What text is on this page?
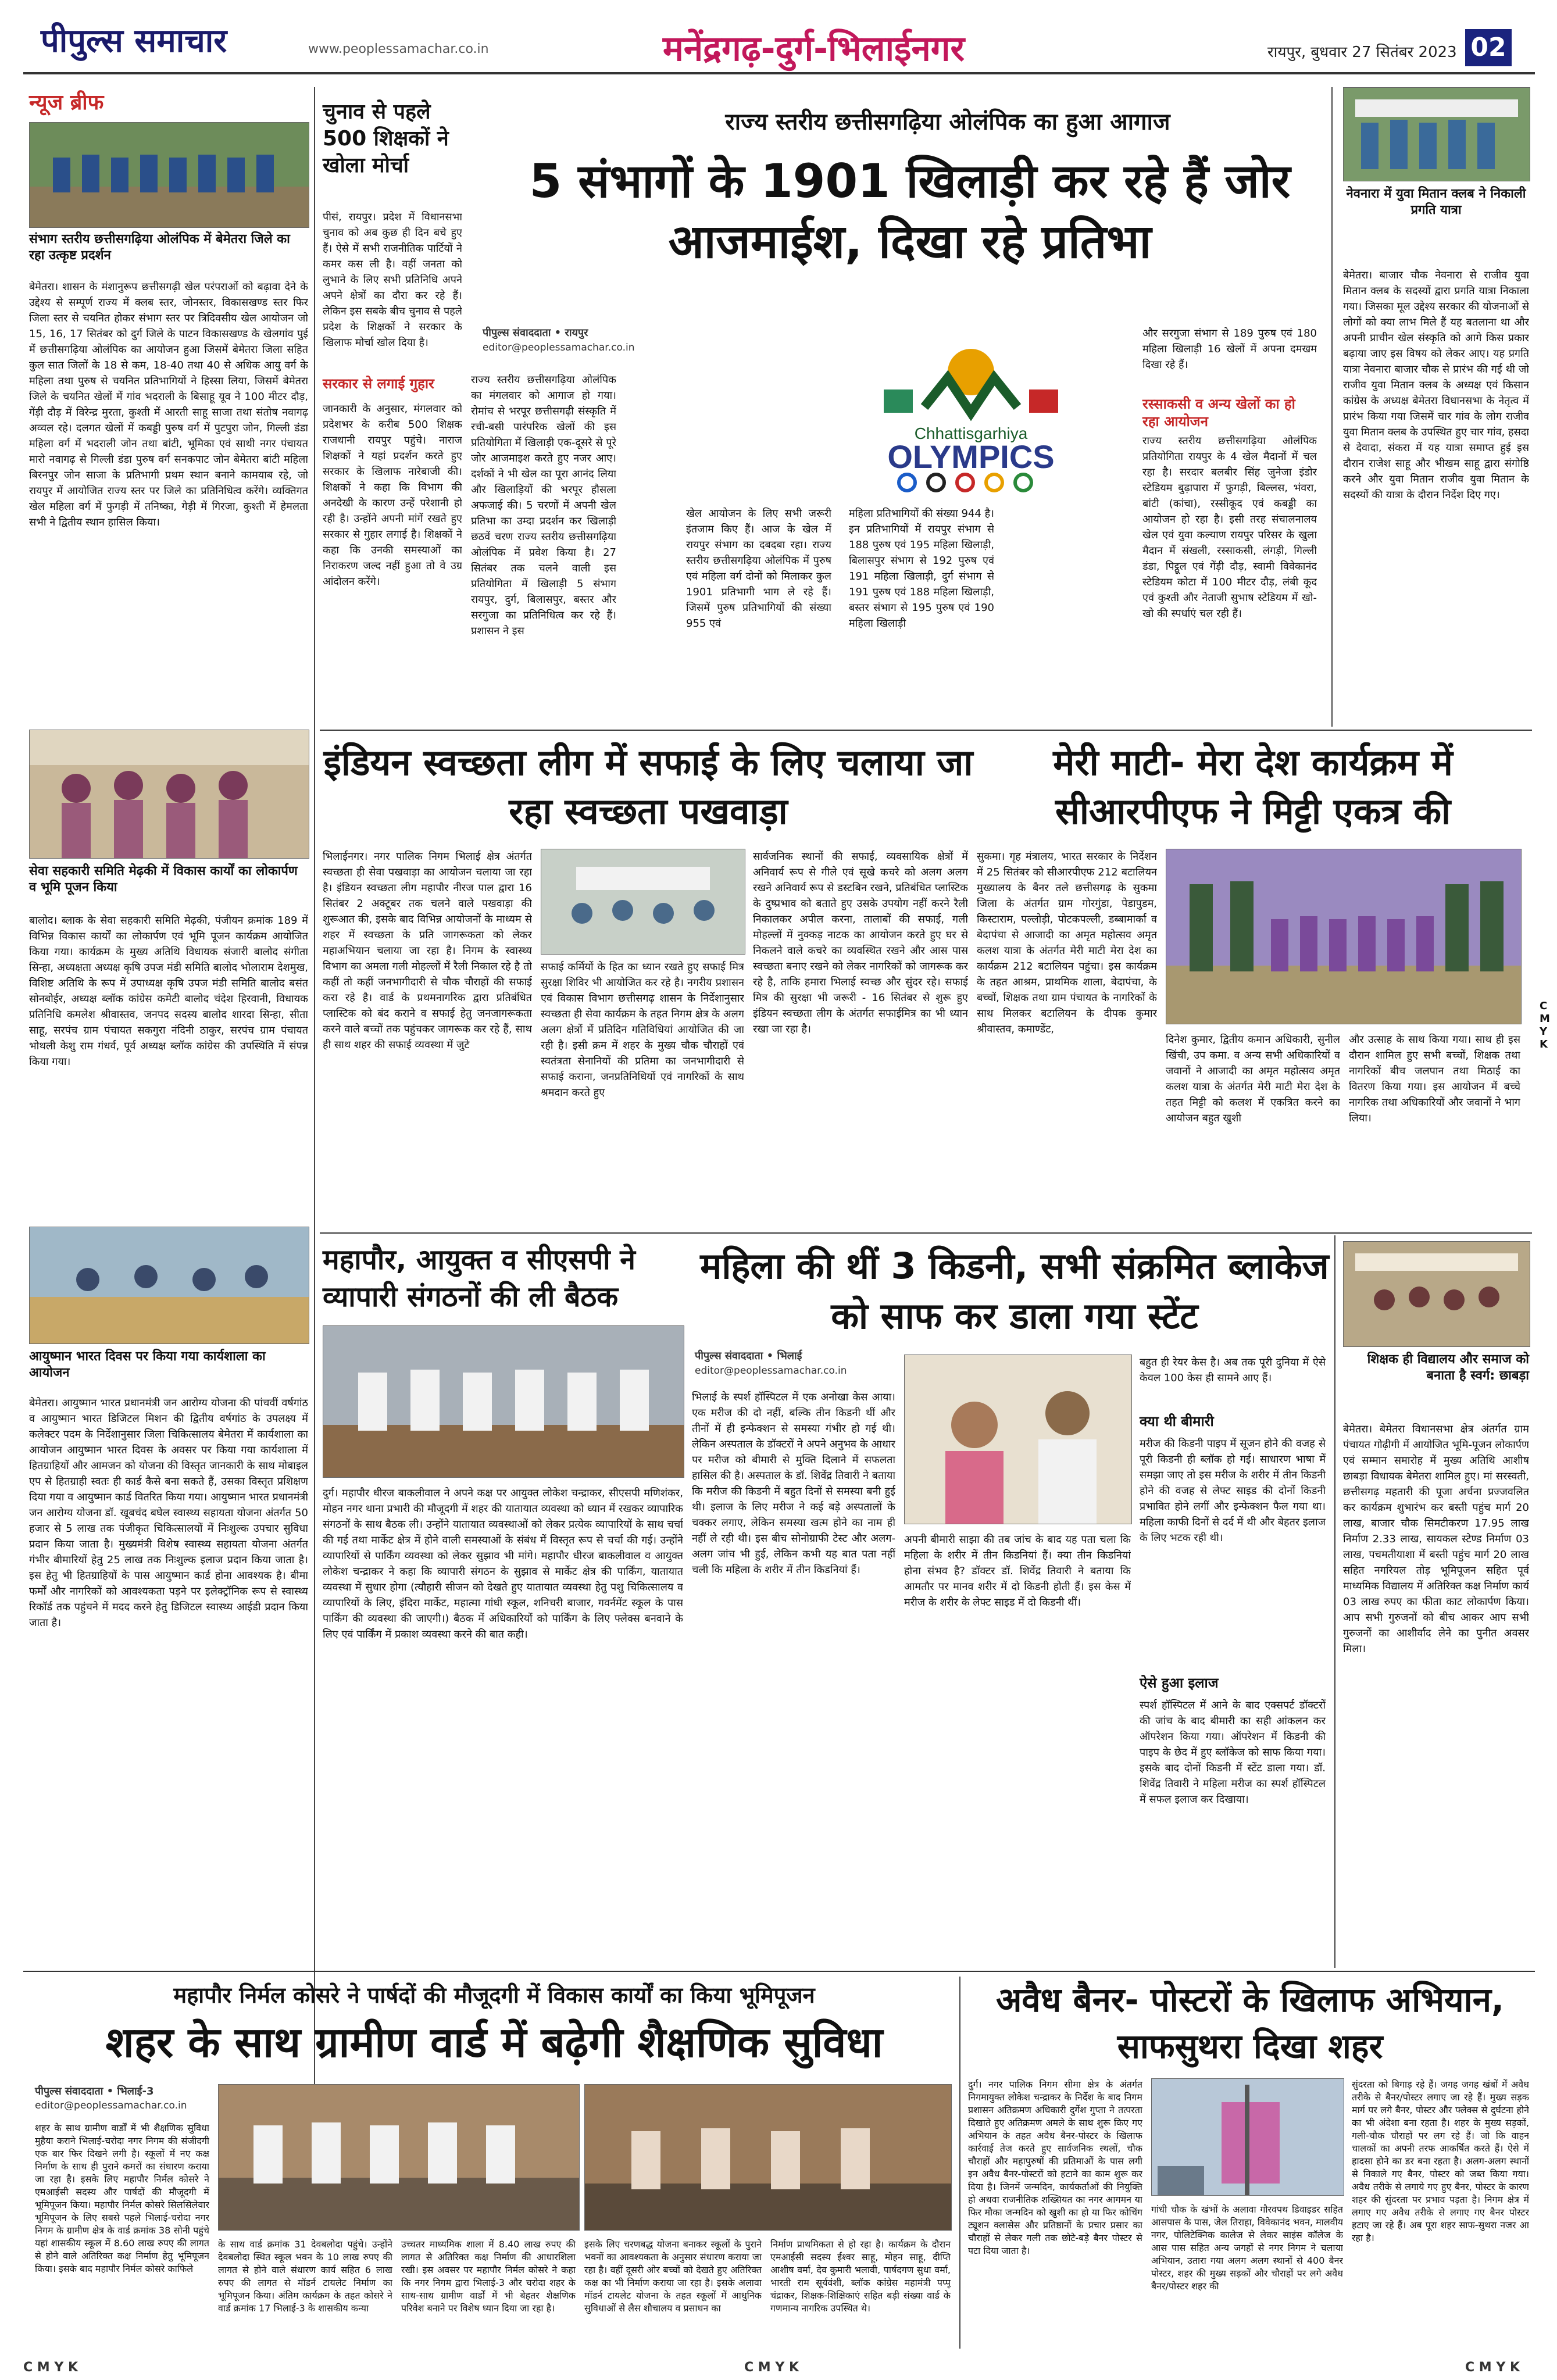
पीपुल्स समाचार	www.peoplessamachar.co.in	मनेंद्रगढ़-दुर्ग-भिलाईनगर	रायपुर, बुधवार 27 सितंबर 2023 02
न्यूज ब्रीफ
संभाग स्तरीय छत्तीसगढ़िया ओलंपिक में बेमेतरा जिले का रहा उत्कृष्ट प्रदर्शन
बेमेतरा। शासन के मंशानुरूप छत्तीसगढ़ी खेल परंपराओं को बढ़ावा देने के उद्देश्य से सम्पूर्ण राज्य में क्लब स्तर, जोनस्तर, विकासखण्ड स्तर फिर जिला स्तर से चयनित होकर संभाग स्तर पर त्रिदिवसीय खेल आयोजन जो 15, 16, 17 सितंबर को दुर्ग जिले के पाटन विकासखण्ड के खेलगांव पुई में छत्तीसगढ़िया ओलंपिक का आयोजन हुआ जिसमें बेमेतरा जिला सहित कुल सात जिलों के 18 से कम, 18-40 तथा 40 से अधिक आयु वर्ग के महिला तथा पुरुष से चयनित प्रतिभागियों ने हिस्सा लिया, जिसमें बेमेतरा जिले के चयनित खेलों में गांव भदराली के बिसाहू यूव ने 100 मीटर दौड़, गेंड़ी दौड़ में विरेन्द्र मुरता, कुश्ती में आरती साहू साजा तथा संतोष नवागढ़ अव्वल रहे। दलगत खेलों में कबड्डी पुरुष वर्ग में पुटपुरा जोन, गिल्ली डंडा महिला वर्ग में भदराली जोन तथा बांटी, भूमिका एवं साथी नगर पंचायत मारो नवागढ़ से गिल्ली डंडा पुरुष वर्ग सनकपाट जोन बेमेतरा बांटी महिला बिरनपुर जोन साजा के प्रतिभागी प्रथम स्थान बनाने कामयाब रहे, जो रायपुर में आयोजित राज्य स्तर पर जिले का प्रतिनिधित्व करेंगे। व्यक्तिगत खेल महिला वर्ग में फुगड़ी में तनिष्का, गेड़ी में गिरजा, कुश्ती में हेमलता सभी ने द्वितीय स्थान हासिल किया।
सेवा सहकारी समिति मेढ़की में विकास कार्यों का लोकार्पण व भूमि पूजन किया
बालोद। ब्लाक के सेवा सहकारी समिति मेढ़की, पंजीयन क्रमांक 189 में विभिन्न विकास कार्यों का लोकार्पण एवं भूमि पूजन कार्यक्रम आयोजित किया गया। कार्यक्रम के मुख्य अतिथि विधायक संजारी बालोद संगीता सिन्हा, अध्यक्षता अध्यक्ष कृषि उपज मंडी समिति बालोद भोलाराम देशमुख, विशिष्ट अतिथि के रूप में उपाध्यक्ष कृषि उपज मंडी समिति बालोद बसंत सोनबोईर, अध्यक्ष ब्लॉक कांग्रेस कमेटी बालोद चंदेश हिरवानी, विधायक प्रतिनिधि कमलेश श्रीवास्तव, जनपद सदस्य बालोद शारदा सिन्हा, सीता साहू, सरपंच ग्राम पंचायत सकगुरा नंदिनी ठाकुर, सरपंच ग्राम पंचायत भोथली केशु राम गंधर्व, पूर्व अध्यक्ष ब्लॉक कांग्रेस की उपस्थिति में संपन्न किया गया।
आयुष्मान भारत दिवस पर किया गया कार्यशाला का आयोजन
बेमेतरा। आयुष्मान भारत प्रधानमंत्री जन आरोग्य योजना की पांचवीं वर्षगांठ व आयुष्मान भारत डिजिटल मिशन की द्वितीय वर्षगांठ के उपलक्ष्य में कलेक्टर पदम के निर्देशानुसार जिला चिकित्सालय बेमेतरा में कार्यशाला का आयोजन आयुष्मान भारत दिवस के अवसर पर किया गया कार्यशाला में हितग्राहियों और आमजन को योजना की विस्तृत जानकारी के साथ मोबाइल एप से हितग्राही स्वतः ही कार्ड कैसे बना सकते हैं, उसका विस्तृत प्रशिक्षण दिया गया व आयुष्मान कार्ड वितरित किया गया। आयुष्मान भारत प्रधानमंत्री जन आरोग्य योजना डॉ. खूबचंद बघेल स्वास्थ्य सहायता योजना अंतर्गत 50 हजार से 5 लाख तक पंजीकृत चिकित्सालयों में निःशुल्क उपचार सुविधा प्रदान किया जाता है। मुख्यमंत्री विशेष स्वास्थ्य सहायता योजना अंतर्गत गंभीर बीमारियों हेतु 25 लाख तक निःशुल्क इलाज प्रदान किया जाता है। इस हेतु भी हितग्राहियों के पास आयुष्मान कार्ड होना आवश्यक है। बीमा फर्मों और नागरिकों को आवश्यकता पड़ने पर इलेक्ट्रॉनिक रूप से स्वास्थ्य रिकॉर्ड तक पहुंचने में मदद करने हेतु डिजिटल स्वास्थ्य आईडी प्रदान किया जाता है।
चुनाव से पहले 500 शिक्षकों ने खोला मोर्चा
पीसं, रायपुर। प्रदेश में विधानसभा चुनाव को अब कुछ ही दिन बचे हुए हैं। ऐसे में सभी राजनीतिक पार्टियों ने कमर कस ली है। वहीं जनता को लुभाने के लिए सभी प्रतिनिधि अपने अपने क्षेत्रों का दौरा कर रहे हैं। लेकिन इस सबके बीच चुनाव से पहले प्रदेश के शिक्षकों ने सरकार के खिलाफ मोर्चा खोल दिया है।
सरकार से लगाई गुहार
जानकारी के अनुसार, मंगलवार को प्रदेशभर के करीब 500 शिक्षक राजधानी रायपुर पहुंचे। नाराज शिक्षकों ने यहां प्रदर्शन करते हुए सरकार के खिलाफ नारेबाजी की। शिक्षकों ने कहा कि विभाग की अनदेखी के कारण उन्हें परेशानी हो रही है। उन्होंने अपनी मांगें रखते हुए सरकार से गुहार लगाई है। शिक्षकों ने कहा कि उनकी समस्याओं का निराकरण जल्द नहीं हुआ तो वे उग्र आंदोलन करेंगे।
राज्य स्तरीय छत्तीसगढ़िया ओलंपिक का हुआ आगाज
5 संभागों के 1901 खिलाड़ी कर रहे हैं जोर आजमाईश, दिखा रहे प्रतिभा
पीपुल्स संवाददाता • रायपुर
editor@peoplessamachar.co.in
राज्य स्तरीय छत्तीसगढ़िया ओलंपिक का मंगलवार को आगाज हो गया। रोमांच से भरपूर छत्तीसगढ़ी संस्कृति में रची-बसी पारंपरिक खेलों की इस प्रतियोगिता में खिलाड़ी एक-दूसरे से पूरे जोर आजमाइश करते हुए नजर आए। दर्शकों ने भी खेल का पूरा आनंद लिया और खिलाड़ियों की भरपूर हौसला अफजाई की। 5 चरणों में अपनी खेल प्रतिभा का उम्दा प्रदर्शन कर खिलाड़ी छठवें चरण राज्य स्तरीय छत्तीसगढ़िया ओलंपिक में प्रवेश किया है। 27 सितंबर तक चलने वाली इस प्रतियोगिता में खिलाड़ी 5 संभाग रायपुर, दुर्ग, बिलासपुर, बस्तर और सरगुजा का प्रतिनिधित्व कर रहे हैं। प्रशासन ने इस
Chhattisgarhiya
OLYMPICS
खेल आयोजन के लिए सभी जरूरी इंतजाम किए हैं। आज के खेल में रायपुर संभाग का दबदबा रहा। राज्य स्तरीय छत्तीसगढ़िया ओलंपिक में पुरुष एवं महिला वर्ग दोनों को मिलाकर कुल 1901 प्रतिभागी भाग ले रहे हैं। जिसमें पुरुष प्रतिभागियों की संख्या 955 एवं
महिला प्रतिभागियों की संख्या 944 है। इन प्रतिभागियों में रायपुर संभाग से 188 पुरुष एवं 195 महिला खिलाड़ी, बिलासपुर संभाग से 192 पुरुष एवं 191 महिला खिलाड़ी, दुर्ग संभाग से 191 पुरुष एवं 188 महिला खिलाड़ी, बस्तर संभाग से 195 पुरुष एवं 190 महिला खिलाड़ी
और सरगुजा संभाग से 189 पुरुष एवं 180 महिला खिलाड़ी 16 खेलों में अपना दमखम दिखा रहे हैं।
रस्साकसी व अन्य खेलों का हो रहा आयोजन
राज्य स्तरीय छत्तीसगढ़िया ओलंपिक प्रतियोगिता रायपुर के 4 खेल मैदानों में चल रहा है। सरदार बलबीर सिंह जुनेजा इंडोर स्टेडियम बुढ़ापारा में फुगड़ी, बिल्लस, भंवरा, बांटी (कांचा), रस्सीकूद एवं कबड्डी का आयोजन हो रहा है। इसी तरह संचालनालय खेल एवं युवा कल्याण रायपुर परिसर के खुला मैदान में संखली, रस्साकसी, लंगड़ी, गिल्ली डंडा, पिट्ठूल एवं गेंड़ी दौड़, स्वामी विवेकानंद स्टेडियम कोटा में 100 मीटर दौड़, लंबी कूद एवं कुश्ती और नेताजी सुभाष स्टेडियम में खो-खो की स्पर्धाएं चल रही हैं।
नेवनारा में युवा मितान क्लब ने निकाली प्रगति यात्रा
बेमेतरा। बाजार चौक नेवनारा से राजीव युवा मितान क्लब के सदस्यों द्वारा प्रगति यात्रा निकाला गया। जिसका मूल उद्देश्य सरकार की योजनाओं से लोगों को क्या लाभ मिले हैं यह बतलाना था और अपनी प्राचीन खेल संस्कृति को आगे किस प्रकार बढ़ाया जाए इस विषय को लेकर आए। यह प्रगति यात्रा नेवनारा बाजार चौक से प्रारंभ की गई थी जो राजीव युवा मितान क्लब के अध्यक्ष एवं किसान कांग्रेस के अध्यक्ष बेमेतरा विधानसभा के नेतृत्व में प्रारंभ किया गया जिसमें चार गांव के लोग राजीव युवा मितान क्लब के उपस्थित हुए चार गांव, हसदा से देवादा, संकरा में यह यात्रा समाप्त हुई इस दौरान राजेश साहू और भीखम साहू द्वारा संगोष्ठि करने और युवा मितान राजीव युवा मितान के सदस्यों की यात्रा के दौरान निर्देश दिए गए।
इंडियन स्वच्छता लीग में सफाई के लिए चलाया जा रहा स्वच्छता पखवाड़ा
भिलाईनगर। नगर पालिक निगम भिलाई क्षेत्र अंतर्गत स्वच्छता ही सेवा पखवाड़ा का आयोजन चलाया जा रहा है। इंडियन स्वच्छता लीग महापौर नीरज पाल द्वारा 16 सितंबर 2 अक्टूबर तक चलने वाले पखवाड़ा की शुरूआत की, इसके बाद विभिन्न आयोजनों के माध्यम से शहर में स्वच्छता के प्रति जागरूकता को लेकर महाअभियान चलाया जा रहा है। निगम के स्वास्थ्य विभाग का अमला गली मोहल्लों में रैली निकाल रहे है तो कहीं तो कहीं जनभागीदारी से चौक चौराहों की सफाई करा रहे है। वार्ड के प्रथमनागरिक द्वारा प्रतिबंधित प्लास्टिक को बंद कराने व सफाई हेतु जनजागरूकता करने वाले बच्चों तक पहुंचकर जागरूक कर रहे हैं, साथ ही साथ शहर की सफाई व्यवस्था में जुटे
सफाई कर्मियों के हित का ध्यान रखते हुए सफाई मित्र सुरक्षा शिविर भी आयोजित कर रहे है। नगरीय प्रशासन एवं विकास विभाग छत्तीसगढ़ शासन के निर्देशानुसार स्वच्छता ही सेवा कार्यक्रम के तहत निगम क्षेत्र के अलग अलग क्षेत्रों में प्रतिदिन गतिविधियां आयोजित की जा रही है। इसी क्रम में शहर के मुख्य चौक चौराहों एवं स्वतंत्रता सेनानियों की प्रतिमा का जनभागीदारी से सफाई कराना, जनप्रतिनिधियों एवं नागरिकों के साथ श्रमदान करते हुए
सार्वजनिक स्थानों की सफाई, व्यवसायिक क्षेत्रों में अनिवार्य रूप से गीले एवं सूखे कचरे को अलग अलग रखने अनिवार्य रूप से डस्टबिन रखने, प्रतिबंधित प्लास्टिक के दुष्प्रभाव को बताते हुए उसके उपयोग नहीं करने रैली निकालकर अपील करना, तालाबों की सफाई, गली मोहल्लों में नुक्कड़ नाटक का आयोजन करते हुए घर से निकलने वाले कचरे का व्यवस्थित रखने और आस पास स्वच्छता बनाए रखने को लेकर नागरिकों को जागरूक कर रहे है, ताकि हमारा भिलाई स्वच्छ और सुंदर रहे। सफाई मित्र की सुरक्षा भी जरूरी - 16 सितंबर से शुरू हुए इंडियन स्वच्छता लीग के अंतर्गत सफाईमित्र का भी ध्यान रखा जा रहा है।
मेरी माटी- मेरा देश कार्यक्रम में सीआरपीएफ ने मिट्टी एकत्र की
सुकमा। गृह मंत्रालय, भारत सरकार के निर्देशन में 25 सितंबर को सीआरपीएफ 212 बटालियन मुख्यालय के बैनर तले छत्तीसगढ़ के सुकमा जिला के अंतर्गत ग्राम गोरगुंडा, पेडापुडम, किस्टाराम, पल्लोड़ी, पोटकपल्ली, डब्बामार्का व बेदापंचा से आजादी का अमृत महोत्सव अमृत कलश यात्रा के अंतर्गत मेरी माटी मेरा देश का कार्यक्रम 212 बटालियन पहुंचा। इस कार्यक्रम के तहत आश्रम, प्राथमिक शाला, बेदापंचा, के बच्चों, शिक्षक तथा ग्राम पंचायत के नागरिकों के साथ मिलकर बटालियन के दीपक कुमार श्रीवास्तव, कमाण्डेंट,
दिनेश कुमार, द्वितीय कमान अधिकारी, सुनील खिंची, उप कमा. व अन्य सभी अधिकारियों व जवानों ने आजादी का अमृत महोत्सव अमृत कलश यात्रा के अंतर्गत मेरी माटी मेरा देश के तहत मिट्टी को कलश में एकत्रित करने का आयोजन बहुत खुशी
और उत्साह के साथ किया गया। साथ ही इस दौरान शामिल हुए सभी बच्चों, शिक्षक तथा नागरिकों बीच जलपान तथा मिठाई का वितरण किया गया। इस आयोजन में बच्चे नागरिक तथा अधिकारियों और जवानों ने भाग लिया।
महापौर, आयुक्त व सीएसपी ने व्यापारी संगठनों की ली बैठक
दुर्ग। महापौर धीरज बाकलीवाल ने अपने कक्ष पर आयुक्त लोकेश चन्द्राकर, सीएसपी मणिशंकर, मोहन नगर थाना प्रभारी की मौजूदगी में शहर की यातायात व्यवस्था को ध्यान में रखकर व्यापारिक संगठनों के साथ बैठक ली। उन्होंने यातायात व्यवस्थाओं को लेकर प्रत्येक व्यापारियों के साथ चर्चा की गई तथा मार्केट क्षेत्र में होने वाली समस्याओं के संबंध में विस्तृत रूप से चर्चा की गई। उन्होंने व्यापारियों से पार्किंग व्यवस्था को लेकर सुझाव भी मांगे। महापौर धीरज बाकलीवाल व आयुक्त लोकेश चन्द्राकर ने कहा कि व्यापारी संगठन के सुझाव से मार्केट क्षेत्र की पार्किंग, यातायात व्यवस्था में सुधार होगा (त्यौहारी सीजन को देखते हुए यातायात व्यवस्था हेतु पशु चिकित्सालय व व्यापारियों के लिए, इंदिरा मार्केट, महात्मा गांधी स्कूल, शनिचरी बाजार, गवर्नमेंट स्कूल के पास पार्किंग की व्यवस्था की जाएगी।) बैठक में अधिकारियों को पार्किंग के लिए फ्लेक्स बनवाने के लिए एवं पार्किंग में प्रकाश व्यवस्था करने की बात कही।
महिला की थीं 3 किडनी, सभी संक्रमित ब्लाकेज को साफ कर डाला गया स्टेंट
पीपुल्स संवाददाता • भिलाई
editor@peoplessamachar.co.in
भिलाई के स्पर्श हॉस्पिटल में एक अनोखा केस आया। एक मरीज की दो नहीं, बल्कि तीन किडनी थीं और तीनों में ही इन्फेक्शन से समस्या गंभीर हो गई थी। लेकिन अस्पताल के डॉक्टरों ने अपने अनुभव के आधार पर मरीज को बीमारी से मुक्ति दिलाने में सफलता हासिल की है। अस्पताल के डॉ. शिवेंद्र तिवारी ने बताया कि मरीज की किडनी में बहुत दिनों से समस्या बनी हुई थी। इलाज के लिए मरीज ने कई बड़े अस्पतालों के चक्कर लगाए, लेकिन समस्या खत्म होने का नाम ही नहीं ले रही थी। इस बीच सोनोग्राफी टेस्ट और अलग-अलग जांच भी हुई, लेकिन कभी यह बात पता नहीं चली कि महिला के शरीर में तीन किडनियां हैं।
अपनी बीमारी साझा की तब जांच के बाद यह पता चला कि महिला के शरीर में तीन किडनियां हैं। क्या तीन किडनियां होना संभव है? डॉक्टर डॉ. शिवेंद्र तिवारी ने बताया कि आमतौर पर मानव शरीर में दो किडनी होती हैं। इस केस में मरीज के शरीर के लेफ्ट साइड में दो किडनी थीं।
बहुत ही रेयर केस है। अब तक पूरी दुनिया में ऐसे केवल 100 केस ही सामने आए हैं।
क्या थी बीमारी
मरीज की किडनी पाइप में सूजन होने की वजह से पूरी किडनी ही ब्लॉक हो गई। साधारण भाषा में समझा जाए तो इस मरीज के शरीर में तीन किडनी होने की वजह से लेफ्ट साइड की दोनों किडनी प्रभावित होने लगीं और इन्फेक्शन फैल गया था। महिला काफी दिनों से दर्द में थी और बेहतर इलाज के लिए भटक रही थी।
ऐसे हुआ इलाज
स्पर्श हॉस्पिटल में आने के बाद एक्सपर्ट डॉक्टरों की जांच के बाद बीमारी का सही आंकलन कर ऑपरेशन किया गया। ऑपरेशन में किडनी की पाइप के छेद में हुए ब्लॉकेज को साफ किया गया। इसके बाद दोनों किडनी में स्टेंट डाला गया। डॉ. शिवेंद्र तिवारी ने महिला मरीज का स्पर्श हॉस्पिटल में सफल इलाज कर दिखाया।
शिक्षक ही विद्यालय और समाज को बनाता है स्वर्ग: छाबड़ा
बेमेतरा। बेमेतरा विधानसभा क्षेत्र अंतर्गत ग्राम पंचायत गोढ़ीगी में आयोजित भूमि-पूजन लोकार्पण एवं सम्मान समारोह में मुख्य अतिथि आशीष छाबड़ा विधायक बेमेतरा शामिल हुए। मां सरस्वती, छत्तीसगढ़ महतारी की पूजा अर्चना प्रज्जवलित कर कार्यक्रम शुभारंभ कर बस्ती पहुंच मार्ग 20 लाख, बाजार चौक सिमटीकरण 17.95 लाख निर्माण 2.33 लाख, सायकल स्टेण्ड निर्माण 03 लाख, पचमतीयाशा में बस्ती पहुंच मार्ग 20 लाख सहित नगरियल तोड़ भूमिपूजन सहित पूर्व माध्यमिक विद्यालय में अतिरिक्त कक्ष निर्माण कार्य 03 लाख रुपए का फीता काट लोकार्पण किया। आप सभी गुरुजनों को बीच आकर आप सभी गुरुजनों का आशीर्वाद लेने का पुनीत अवसर मिला।
महापौर निर्मल कोसरे ने पार्षदों की मौजूदगी में विकास कार्यों का किया भूमिपूजन
शहर के साथ ग्रामीण वार्ड में बढ़ेगी शैक्षणिक सुविधा
पीपुल्स संवाददाता • भिलाई-3
editor@peoplessamachar.co.in
शहर के साथ ग्रामीण वार्डों में भी शैक्षणिक सुविधा मुहैया कराने भिलाई-चरोदा नगर निगम की संजीदगी एक बार फिर दिखने लगी है। स्कूलों में नए कक्ष निर्माण के साथ ही पुराने कमरों का संधारण कराया जा रहा है। इसके लिए महापौर निर्मल कोसरे ने एमआईसी सदस्य और पार्षदों की मौजूदगी में भूमिपूजन किया। महापौर निर्मल कोसरे सिलसिलेवार भूमिपूजन के लिए सबसे पहले भिलाई-चरोदा नगर निगम के ग्रामीण क्षेत्र के वार्ड क्रमांक 38 सोनी पहुंचे यहां शासकीय स्कूल में 8.60 लाख रुपए की लागत से होने वाले अतिरिक्त कक्ष निर्माण हेतु भूमिपूजन किया। इसके बाद महापौर निर्मल कोसरे काफिले
के साथ वार्ड क्रमांक 31 देवबलोदा पहुंचे। उन्होंने देवबलोदा स्थित स्कूल भवन के 10 लाख रुपए की लागत से होने वाले संधारण कार्य सहित 6 लाख रुपए की लागत से मॉडर्न टायलेट निर्माण का भूमिपूजन किया। अंतिम कार्यक्रम के तहत कोसरे ने वार्ड क्रमांक 17 भिलाई-3 के शासकीय कन्या
उच्चतर माध्यमिक शाला में 8.40 लाख रुपए की लागत से अतिरिक्त कक्ष निर्माण की आधारशिला रखी। इस अवसर पर महापौर निर्मल कोसरे ने कहा कि नगर निगम द्वारा भिलाई-3 और चरोदा शहर के साथ-साथ ग्रामीण वार्डों में भी बेहतर शैक्षणिक परिवेश बनाने पर विशेष ध्यान दिया जा रहा है।
इसके लिए चरणबद्ध योजना बनाकर स्कूलों के पुराने भवनों का आवश्यकता के अनुसार संधारण कराया जा रहा है। वहीं दूसरी ओर बच्चों को देखते हुए अतिरिक्त कक्ष का भी निर्माण कराया जा रहा है। इसके अलावा मॉडर्न टायलेट योजना के तहत स्कूलों में आधुनिक सुविधाओं से लैस शौचालय व प्रसाधन का
निर्माण प्राथमिकता से हो रहा है। कार्यक्रम के दौरान एमआईसी सदस्य ईश्वर साहू, मोहन साहू, दीप्ति आशीष वर्मा, देव कुमारी भलावी, पार्षदगण सुधा वर्मा, भारती राम सूर्यवंशी, ब्लॉक कांग्रेस महामंत्री पप्पू चंद्राकर, शिक्षक-शिक्षिकाएं सहित बड़ी संख्या वार्ड के गणमान्य नागरिक उपस्थित थे।
अवैध बैनर- पोस्टरों के खिलाफ अभियान, साफसुथरा दिखा शहर
दुर्ग। नगर पालिक निगम सीमा क्षेत्र के अंतर्गत निगमायुक्त लोकेश चन्द्राकर के निर्देश के बाद निगम प्रशासन अतिक्रमण अधिकारी दुर्गेश गुप्ता ने तत्परता दिखाते हुए अतिक्रमण अमले के साथ शुरू किए गए अभियान के तहत अवैध बैनर-पोस्टर के खिलाफ कार्रवाई तेज करते हुए सार्वजनिक स्थलों, चौक चौराहों और महापुरुषों की प्रतिमाओं के पास लगी इन अवैध बैनर-पोस्टरों को हटाने का काम शुरू कर दिया है। जिनमें जन्मदिन, कार्यकर्ताओं की नियुक्ति हो अथवा राजनीतिक शख्सियत का नगर आगमन या फिर मौका जन्मदिन को खुशी का हो या फिर कोचिंग ट्यूशन क्लासेस और प्रतिष्ठानों के प्रचार प्रसार का चौराहों से लेकर गली तक छोटे-बड़े बैनर पोस्टर से पटा दिया जाता है।
गांधी चौक के खंभों के अलावा गौरवपथ डिवाइडर सहित आसपास के पास, जेल तिराहा, विवेकानंद भवन, मालवीय नगर, पोलिटेक्निक कालेज से लेकर साइंस कॉलेज के आस पास सहित अन्य जगहों से नगर निगम ने चलाया अभियान, उतारा गया अलग अलग स्थानों से 400 बैनर पोस्टर, शहर की मुख्य सड़कों और चौराहों पर लगे अवैध बैनर/पोस्टर शहर की
सुंदरता को बिगाड़ रहे हैं। जगह जगह खंबों में अवैध तरीके से बैनर/पोस्टर लगाए जा रहे हैं। मुख्य सड़क मार्ग पर लगे बैनर, पोस्टर और फ्लेक्स से दुर्घटना होने का भी अंदेशा बना रहता है। शहर के मुख्य सड़कों, गली-चौक चौराहों पर लग रहे हैं। जो कि वाहन चालकों का अपनी तरफ आकर्षित करते हैं। ऐसे में हादसा होने का डर बना रहता है। अलग-अलग स्थानों से निकाले गए बैनर, पोस्टर को जब्त किया गया। अवैध तरीके से लगाये गए हुए बैनर, पोस्टर के कारण शहर की सुंदरता पर प्रभाव पड़ता है। निगम क्षेत्र में लगाए गए अवैध तरीके से लगाए गए बैनर पोस्टर हटाए जा रहे हैं। अब पूरा शहर साफ-सुथरा नजर आ रहा है।
C M Y K	C M Y K	C M Y K
CMYK
